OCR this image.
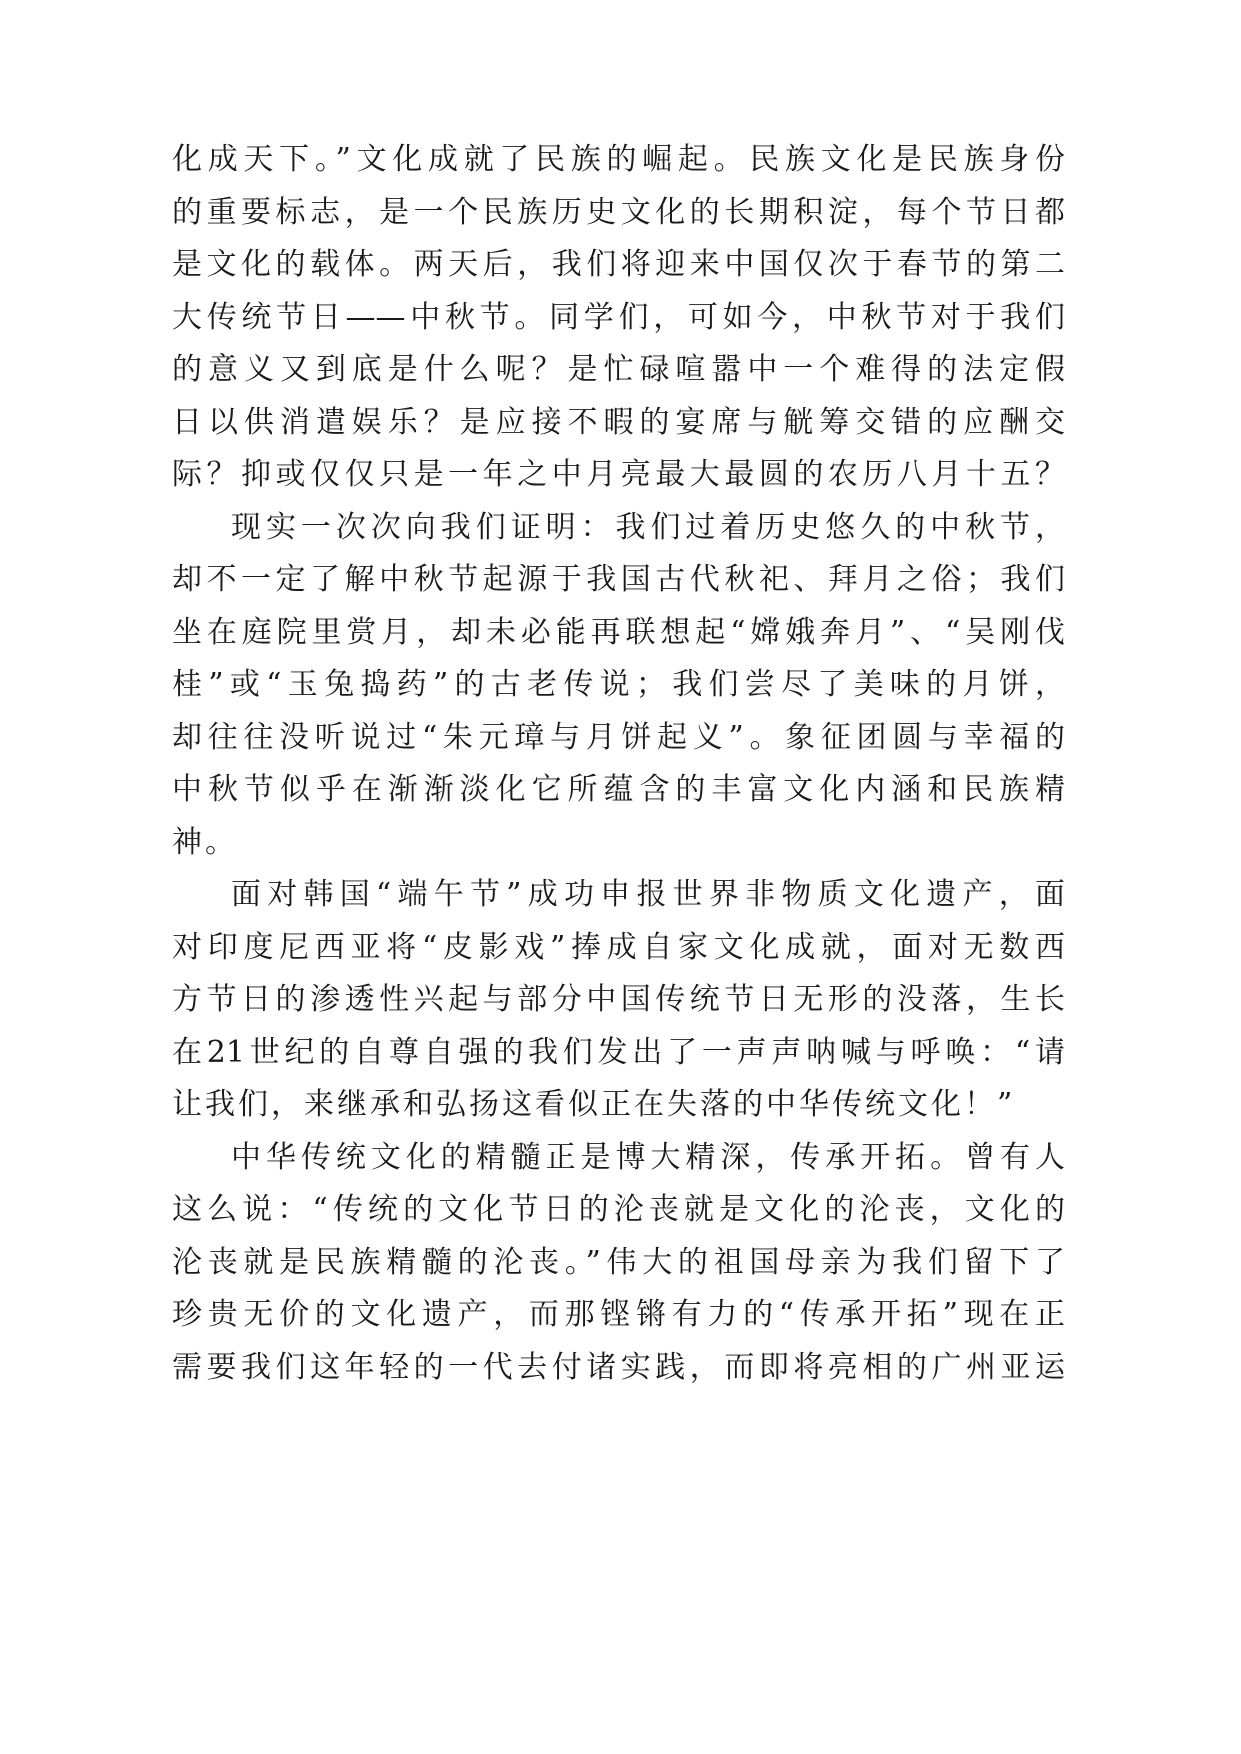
化成天下。”文化成就了民族的崛起。民族文化是民族身份
的重要标志，是一个民族历史文化的长期积淀，每个节日都
是文化的载体。两天后，我们将迎来中国仅次于春节的第二
大传统节日——中秋节。同学们，可如今，中秋节对于我们
的意义又到底是什么呢？是忙碌喧嚣中一个难得的法定假
日以供消遣娱乐？是应接不暇的宴席与觥筹交错的应酬交
际？抑或仅仅只是一年之中月亮最大最圆的农历八月十五？
现实一次次向我们证明：我们过着历史悠久的中秋节，
却不一定了解中秋节起源于我国古代秋祀、拜月之俗；我们
坐在庭院里赏月，却未必能再联想起“嫦娥奔月”、“吴刚伐
桂”或“玉兔捣药”的古老传说；我们尝尽了美味的月饼，
却往往没听说过“朱元璋与月饼起义”。象征团圆与幸福的
中秋节似乎在渐渐淡化它所蕴含的丰富文化内涵和民族精
神。
面对韩国“端午节”成功申报世界非物质文化遗产，面
对印度尼西亚将“皮影戏”捧成自家文化成就，面对无数西
方节日的渗透性兴起与部分中国传统节日无形的没落，生长
在21世纪的自尊自强的我们发出了一声声呐喊与呼唤：“请
让我们，来继承和弘扬这看似正在失落的中华传统文化！”
中华传统文化的精髓正是博大精深，传承开拓。曾有人
这么说：“传统的文化节日的沦丧就是文化的沦丧，文化的
沦丧就是民族精髓的沦丧。”伟大的祖国母亲为我们留下了
珍贵无价的文化遗产，而那铿锵有力的“传承开拓”现在正
需要我们这年轻的一代去付诸实践，而即将亮相的广州亚运
